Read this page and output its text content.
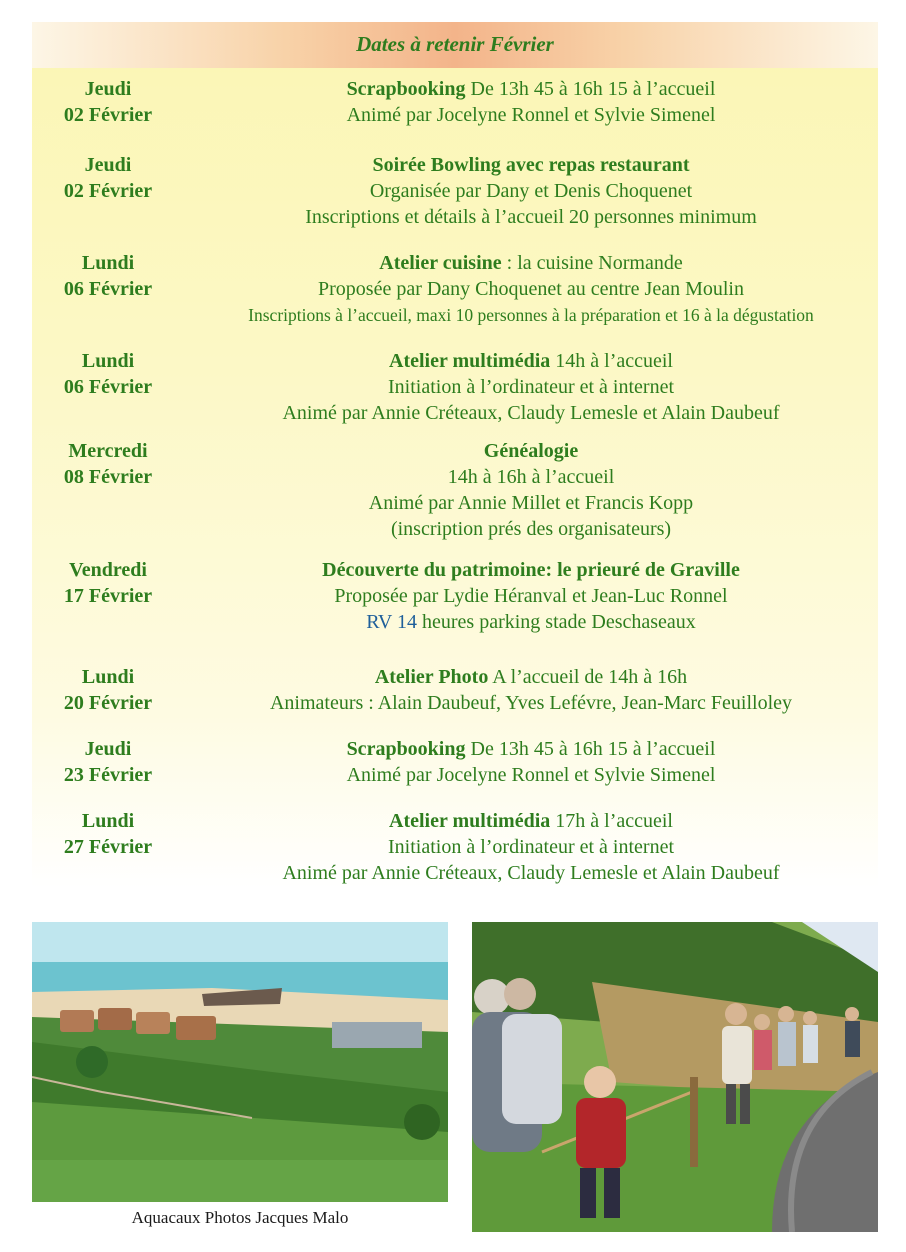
Dates à retenir Février
Jeudi
02 Février
Scrapbooking De 13h 45 à 16h 15 à l’accueil
Animé par Jocelyne Ronnel et Sylvie Simenel
Jeudi
02 Février
Soirée Bowling avec repas restaurant
Organisée par Dany et Denis Choquenet
Inscriptions et détails à l’accueil 20 personnes minimum
Lundi
06 Février
Atelier cuisine : la cuisine Normande
Proposée par Dany Choquenet au centre Jean Moulin
Inscriptions à l’accueil, maxi 10 personnes à la préparation et 16 à la dégustation
Lundi
06 Février
Atelier multimédia 14h à l’accueil
Initiation à l’ordinateur et à internet
Animé par Annie Créteaux, Claudy Lemesle et Alain Daubeuf
Mercredi
08 Février
Généalogie
14h à 16h à l’accueil
Animé par Annie Millet et Francis Kopp
(inscription prés des organisateurs)
Vendredi
17 Février
Découverte du patrimoine: le prieuré de Graville
Proposée par Lydie Héranval et Jean-Luc Ronnel
RV 14 heures parking stade Deschaseaux
Lundi
20 Février
Atelier Photo A l’accueil de 14h à 16h
Animateurs : Alain Daubeuf, Yves Lefévre, Jean-Marc Feuilloley
Jeudi
23 Février
Scrapbooking De 13h 45 à 16h 15 à l’accueil
Animé par Jocelyne Ronnel et Sylvie Simenel
Lundi
27 Février
Atelier multimédia 17h à l’accueil
Initiation à l’ordinateur et à internet
Animé par Annie Créteaux, Claudy Lemesle et Alain Daubeuf
Aquacaux Photos Jacques Malo
